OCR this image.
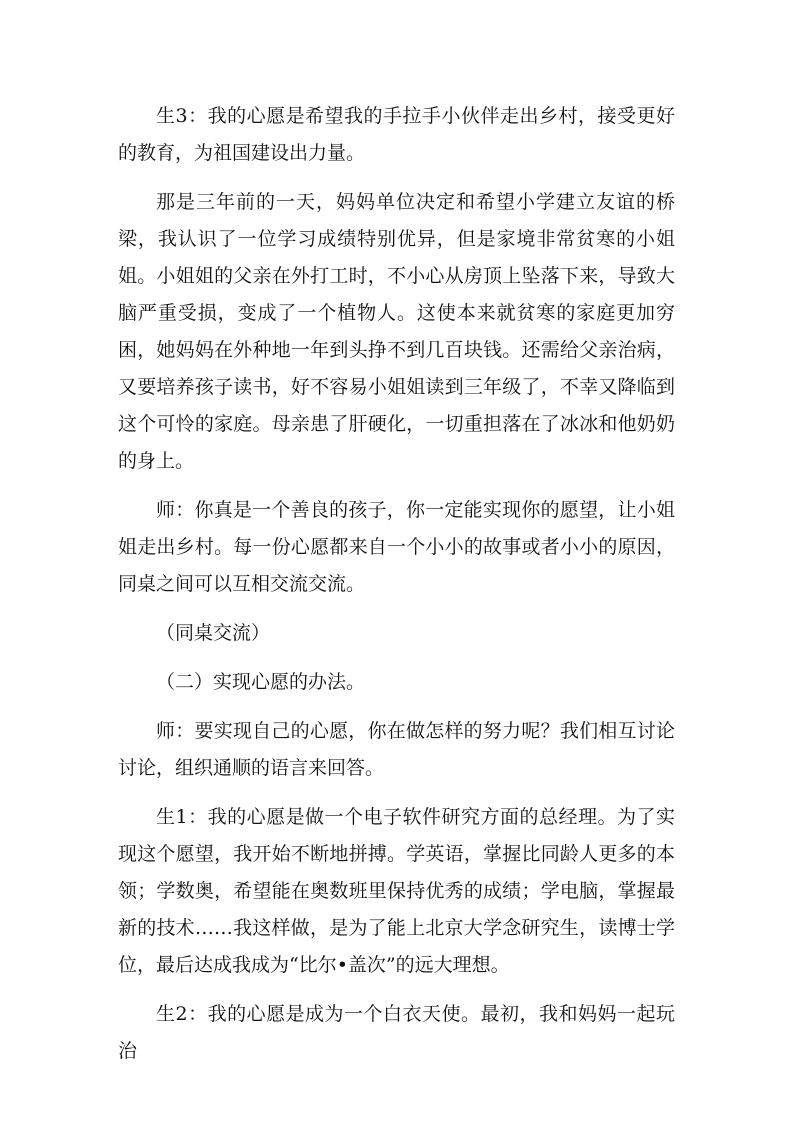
生3：我的心愿是希望我的手拉手小伙伴走出乡村，接受更好的教育，为祖国建设出力量。

那是三年前的一天，妈妈单位决定和希望小学建立友谊的桥梁，我认识了一位学习成绩特别优异，但是家境非常贫寒的小姐姐。小姐姐的父亲在外打工时，不小心从房顶上坠落下来，导致大脑严重受损，变成了一个植物人。这使本来就贫寒的家庭更加穷困，她妈妈在外种地一年到头挣不到几百块钱。还需给父亲治病，又要培养孩子读书，好不容易小姐姐读到三年级了，不幸又降临到这个可怜的家庭。母亲患了肝硬化，一切重担落在了冰冰和他奶奶的身上。

师：你真是一个善良的孩子，你一定能实现你的愿望，让小姐姐走出乡村。每一份心愿都来自一个小小的故事或者小小的原因，同桌之间可以互相交流交流。

（同桌交流）

（二）实现心愿的办法。

师：要实现自己的心愿，你在做怎样的努力呢？我们相互讨论讨论，组织通顺的语言来回答。

生1：我的心愿是做一个电子软件研究方面的总经理。为了实现这个愿望，我开始不断地拼搏。学英语，掌握比同龄人更多的本领；学数奥，希望能在奥数班里保持优秀的成绩；学电脑，掌握最新的技术……我这样做，是为了能上北京大学念研究生，读博士学位，最后达成我成为“比尔•盖次”的远大理想。

生2：我的心愿是成为一个白衣天使。最初，我和妈妈一起玩治
